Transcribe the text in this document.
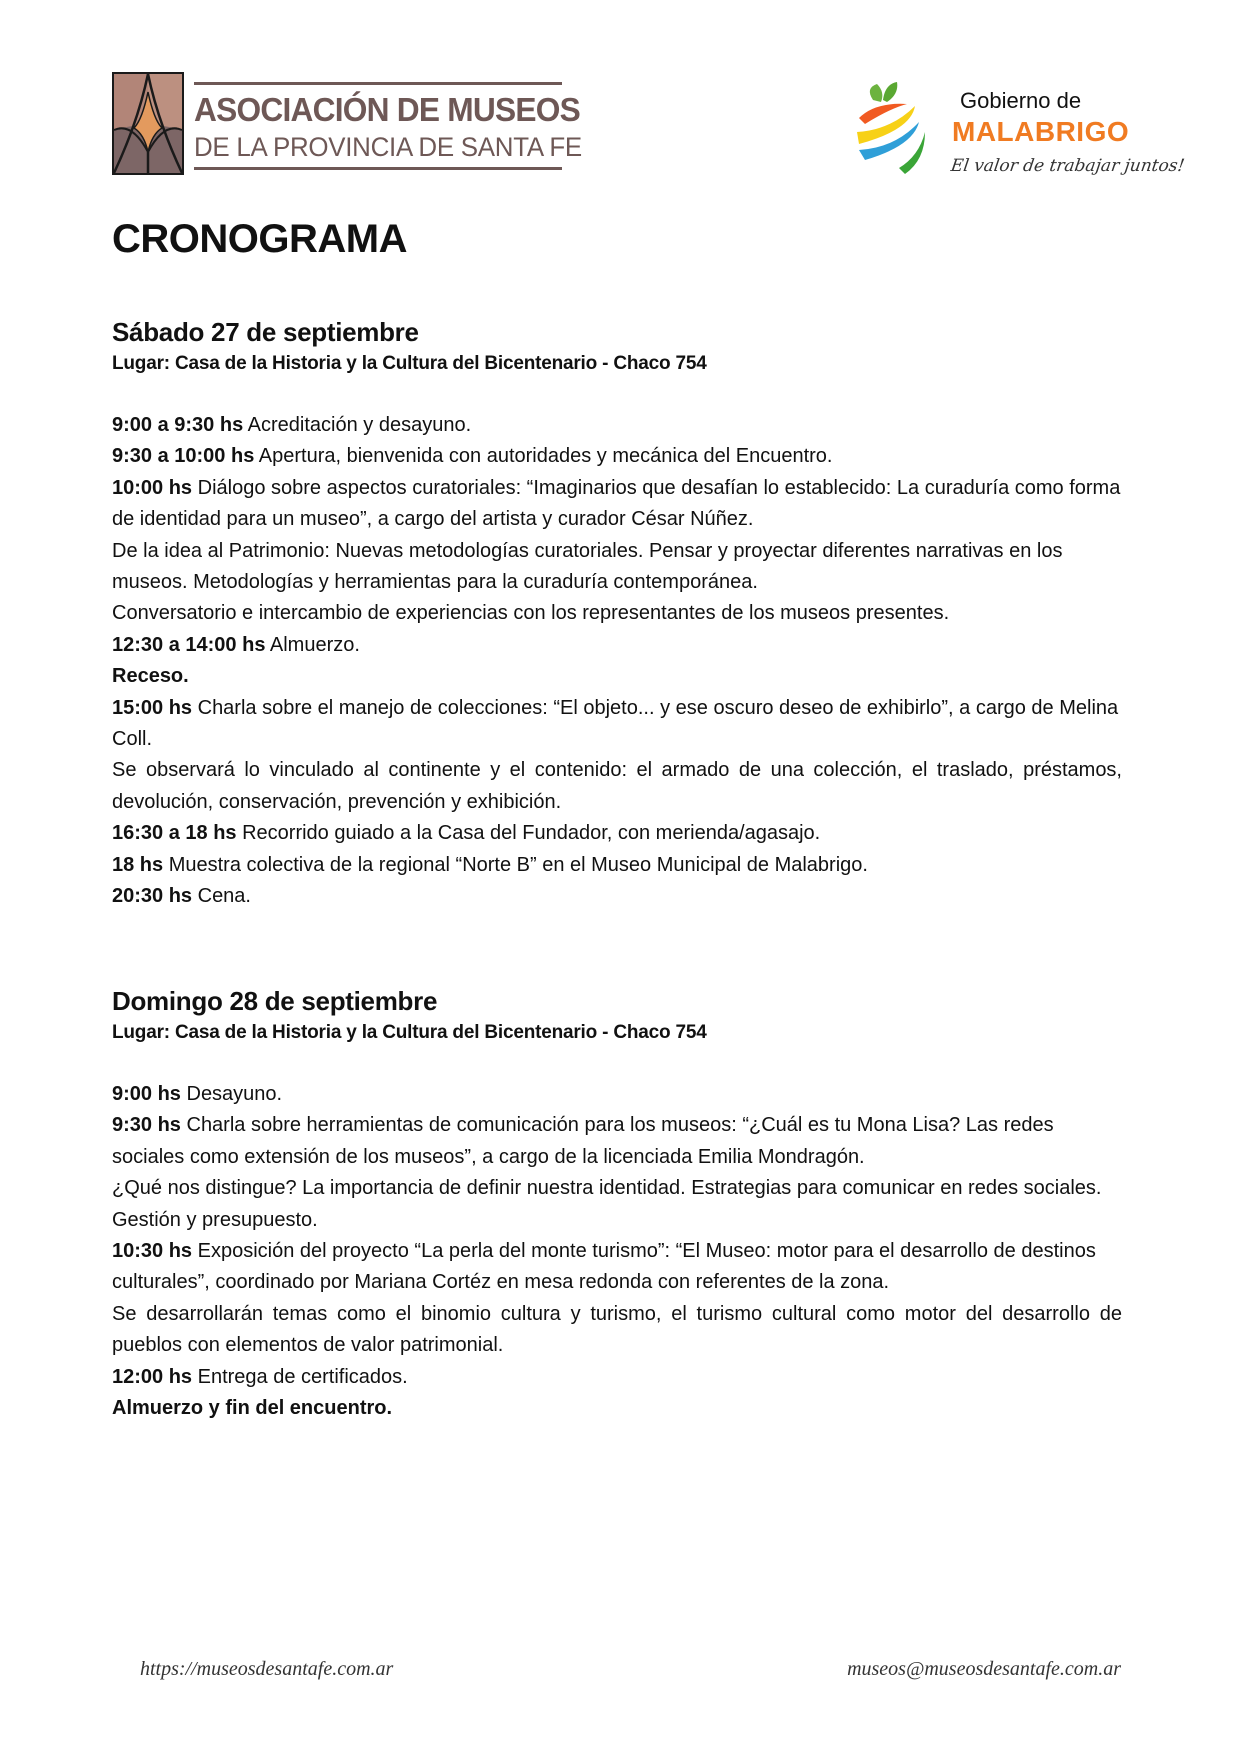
ASOCIACIÓN DE MUSEOS
DE LA PROVINCIA DE SANTA FE
Gobierno de
MALABRIGO
El valor de trabajar juntos!
CRONOGRAMA
Sábado 27 de septiembre

Lugar: Casa de la Historia y la Cultura del Bicentenario - Chaco 754

9:00 a 9:30 hs Acreditación y desayuno.

9:30 a 10:00 hs Apertura, bienvenida con autoridades y mecánica del Encuentro.

10:00 hs Diálogo sobre aspectos curatoriales: “Imaginarios que desafían lo establecido: La curaduría como forma de identidad para un museo”, a cargo del artista y curador César Núñez.

De la idea al Patrimonio: Nuevas metodologías curatoriales. Pensar y proyectar diferentes narrativas en los museos. Metodologías y herramientas para la curaduría contemporánea.

Conversatorio e intercambio de experiencias con los representantes de los museos presentes.

12:30 a 14:00 hs Almuerzo.

Receso.

15:00 hs Charla sobre el manejo de colecciones: “El objeto... y ese oscuro deseo de exhibirlo”, a cargo de Melina Coll.

Se observará lo vinculado al continente y el contenido: el armado de una colección, el traslado, préstamos, devolución, conservación, prevención y exhibición.

16:30 a 18 hs Recorrido guiado a la Casa del Fundador, con merienda/agasajo.

18 hs Muestra colectiva de la regional “Norte B” en el Museo Municipal de Malabrigo.

20:30 hs Cena.

Domingo 28 de septiembre

Lugar: Casa de la Historia y la Cultura del Bicentenario - Chaco 754

9:00 hs Desayuno.

9:30 hs Charla sobre herramientas de comunicación para los museos: “¿Cuál es tu Mona Lisa? Las redes sociales como extensión de los museos”, a cargo de la licenciada Emilia Mondragón.

¿Qué nos distingue? La importancia de definir nuestra identidad. Estrategias para comunicar en redes sociales. Gestión y presupuesto.

10:30 hs Exposición del proyecto “La perla del monte turismo”: “El Museo: motor para el desarrollo de destinos culturales”, coordinado por Mariana Cortéz en mesa redonda con referentes de la zona.

Se desarrollarán temas como el binomio cultura y turismo, el turismo cultural como motor del desarrollo de pueblos con elementos de valor patrimonial.

12:00 hs Entrega de certificados.

Almuerzo y fin del encuentro.

https://museosdesantafe.com.ar	museos@museosdesantafe.com.ar
